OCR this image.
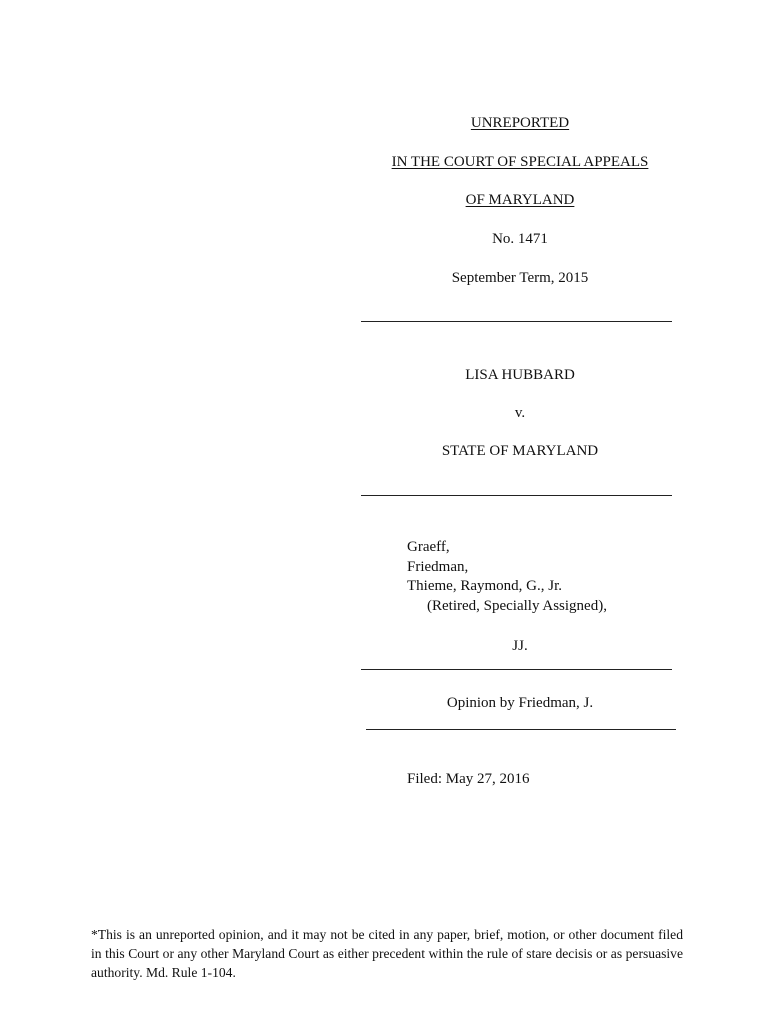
UNREPORTED
IN THE COURT OF SPECIAL APPEALS
OF MARYLAND
No. 1471
September Term, 2015
LISA HUBBARD
v.
STATE OF MARYLAND
Graeff,
Friedman,
Thieme, Raymond, G., Jr.
(Retired, Specially Assigned),
JJ.
Opinion by Friedman, J.
Filed: May 27, 2016
*This is an unreported opinion, and it may not be cited in any paper, brief, motion, or other document filed in this Court or any other Maryland Court as either precedent within the rule of stare decisis or as persuasive authority. Md. Rule 1-104.
